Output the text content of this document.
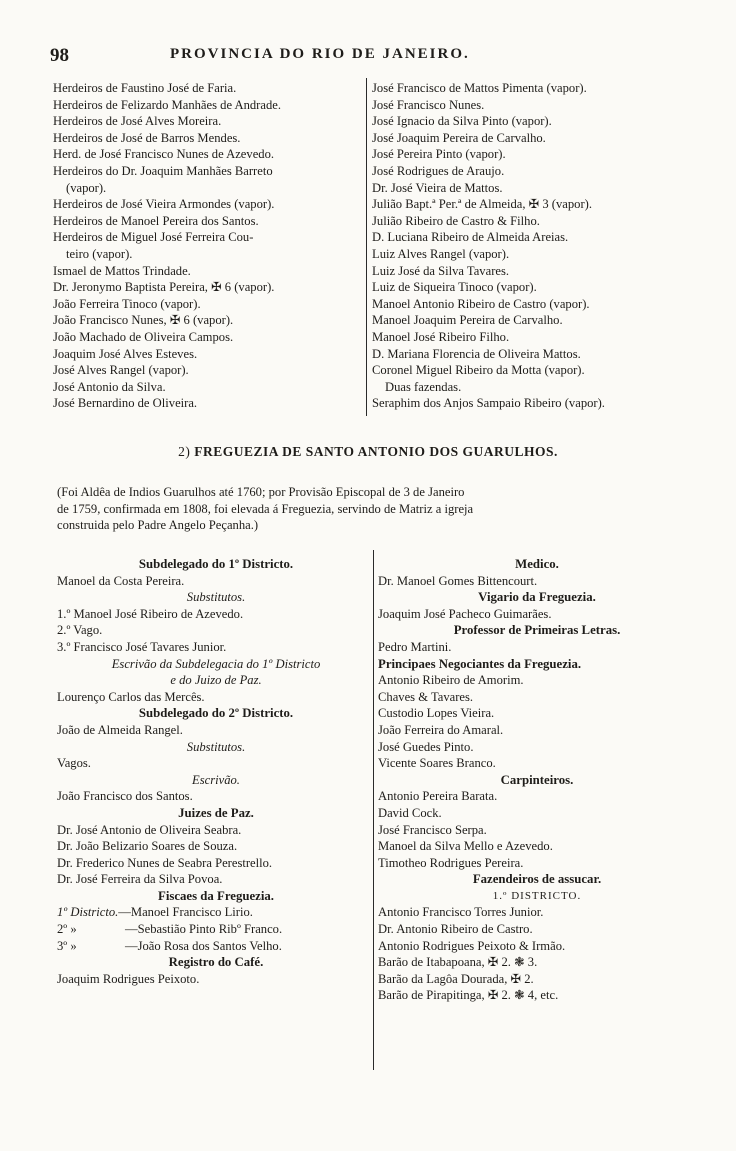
98	PROVINCIA DO RIO DE JANEIRO.
Herdeiros de Faustino José de Faria.
Herdeiros de Felizardo Manhães de Andrade.
Herdeiros de José Alves Moreira.
Herdeiros de José de Barros Mendes.
Herd. de José Francisco Nunes de Azevedo.
Herdeiros do Dr. Joaquim Manhães Barreto
(vapor).
Herdeiros de José Vieira Armondes (vapor).
Herdeiros de Manoel Pereira dos Santos.
Herdeiros de Miguel José Ferreira Cou-
teiro (vapor).
Ismael de Mattos Trindade.
Dr. Jeronymo Baptista Pereira, ✠ 6 (vapor).
João Ferreira Tinoco (vapor).
João Francisco Nunes, ✠ 6 (vapor).
João Machado de Oliveira Campos.
Joaquim José Alves Esteves.
José Alves Rangel (vapor).
José Antonio da Silva.
José Bernardino de Oliveira.
José Francisco de Mattos Pimenta (vapor).
José Francisco Nunes.
José Ignacio da Silva Pinto (vapor).
José Joaquim Pereira de Carvalho.
José Pereira Pinto (vapor).
José Rodrigues de Araujo.
Dr. José Vieira de Mattos.
Julião Bapt.ª Per.ª de Almeida, ✠ 3 (vapor).
Julião Ribeiro de Castro & Filho.
D. Luciana Ribeiro de Almeida Areias.
Luiz Alves Rangel (vapor).
Luiz José da Silva Tavares.
Luiz de Siqueira Tinoco (vapor).
Manoel Antonio Ribeiro de Castro (vapor).
Manoel Joaquim Pereira de Carvalho.
Manoel José Ribeiro Filho.
D. Mariana Florencia de Oliveira Mattos.
Coronel Miguel Ribeiro da Motta (vapor).
Duas fazendas.
Seraphim dos Anjos Sampaio Ribeiro (vapor).
2) FREGUEZIA DE SANTO ANTONIO DOS GUARULHOS.
(Foi Aldêa de Indios Guarulhos até 1760; por Provisão Episcopal de 3 de Janeiro
de 1759, confirmada em 1808, foi elevada á Freguezia, servindo de Matriz a igreja
construida pelo Padre Angelo Peçanha.)
Subdelegado do 1º Districto.
Manoel da Costa Pereira.
Substitutos.
1.º Manoel José Ribeiro de Azevedo.
2.º Vago.
3.º Francisco José Tavares Junior.
Escrivão da Subdelegacia do 1º Districto
e do Juizo de Paz.
Lourenço Carlos das Mercês.
Subdelegado do 2º Districto.
João de Almeida Rangel.
Substitutos.
Vagos.
Escrivão.
João Francisco dos Santos.
Juizes de Paz.
Dr. José Antonio de Oliveira Seabra.
Dr. João Belizario Soares de Souza.
Dr. Frederico Nunes de Seabra Perestrello.
Dr. José Ferreira da Silva Povoa.
Fiscaes da Freguezia.
1º Districto.—Manoel Francisco Lirio.
2º »	—Sebastião Pinto Ribº Franco.
3º »	—João Rosa dos Santos Velho.
Registro do Café.
Joaquim Rodrigues Peixoto.
Medico.
Dr. Manoel Gomes Bittencourt.
Vigario da Freguezia.
Joaquim José Pacheco Guimarães.
Professor de Primeiras Letras.
Pedro Martini.
Principaes Negociantes da Freguezia.
Antonio Ribeiro de Amorim.
Chaves & Tavares.
Custodio Lopes Vieira.
João Ferreira do Amaral.
José Guedes Pinto.
Vicente Soares Branco.
Carpinteiros.
Antonio Pereira Barata.
David Cock.
José Francisco Serpa.
Manoel da Silva Mello e Azevedo.
Timotheo Rodrigues Pereira.
Fazendeiros de assucar.
1.º DISTRICTO.
Antonio Francisco Torres Junior.
Dr. Antonio Ribeiro de Castro.
Antonio Rodrigues Peixoto & Irmão.
Barão de Itabapoana, ✠ 2. ❃ 3.
Barão da Lagôa Dourada, ✠ 2.
Barão de Pirapitinga, ✠ 2. ❃ 4, etc.
